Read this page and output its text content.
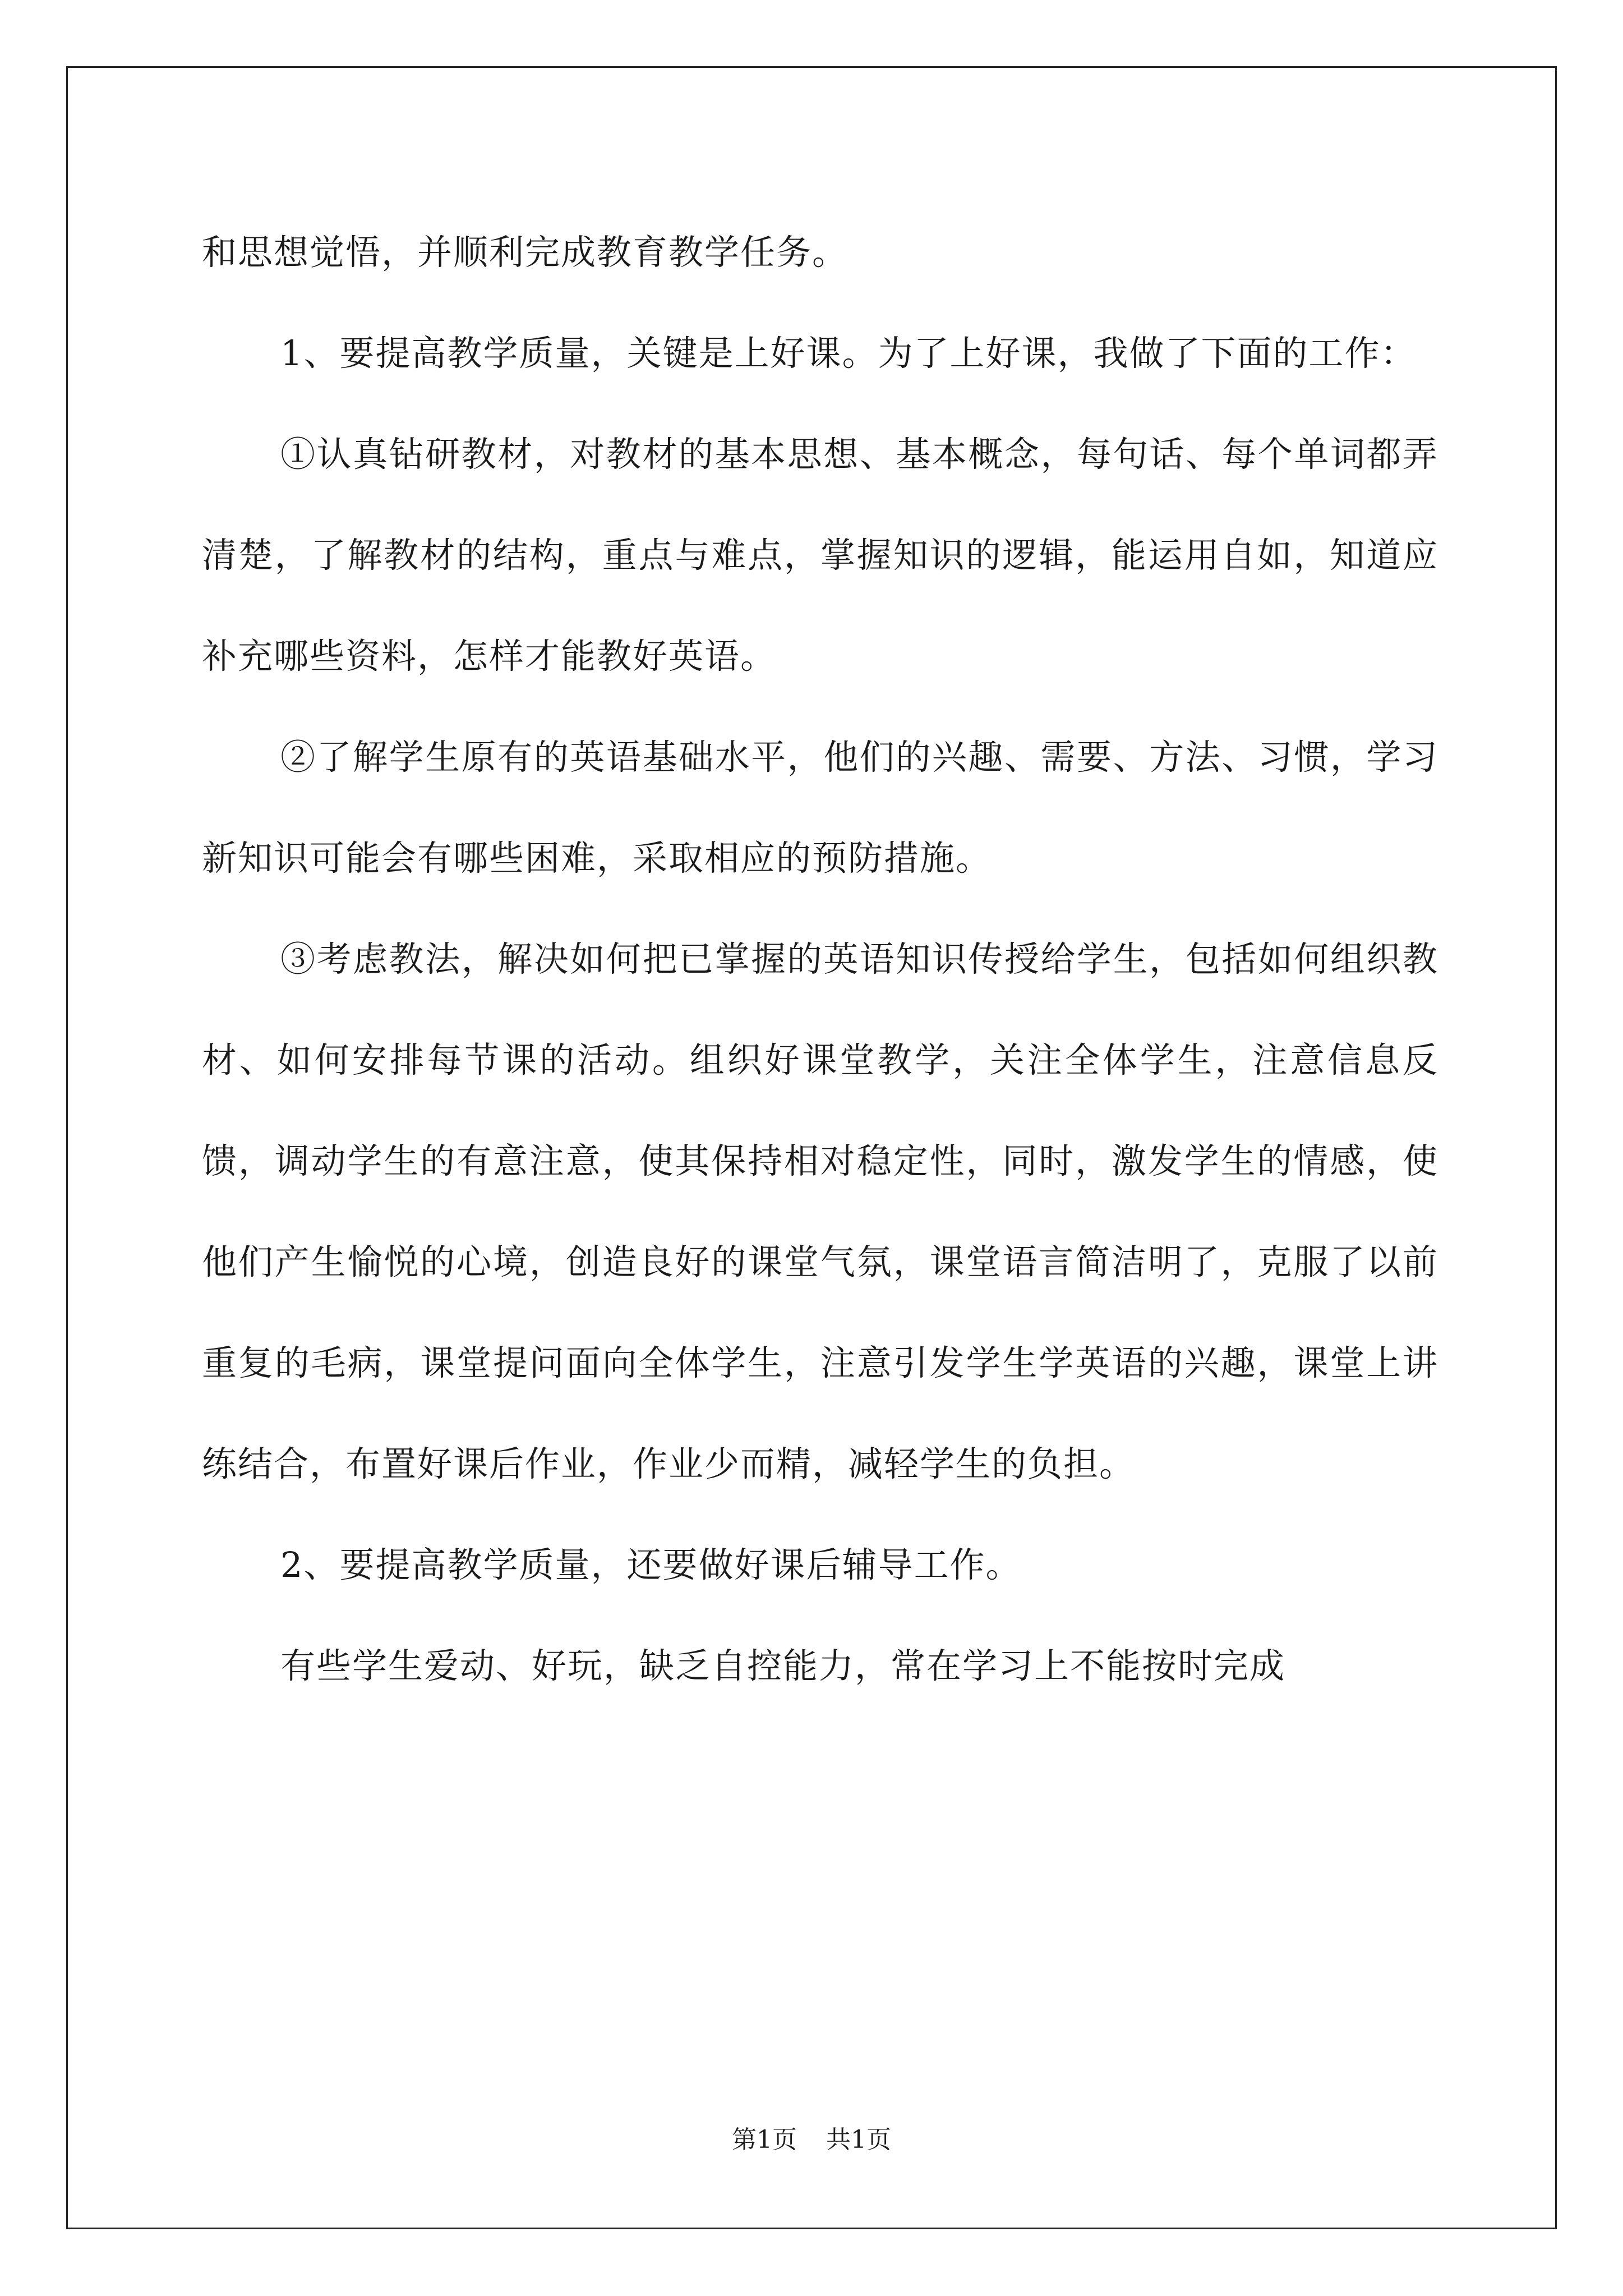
和思想觉悟，并顺利完成教育教学任务。

1、要提高教学质量，关键是上好课。为了上好课，我做了下面的工作：

①认真钻研教材，对教材的基本思想、基本概念，每句话、每个单词都弄清楚，了解教材的结构，重点与难点，掌握知识的逻辑，能运用自如，知道应补充哪些资料，怎样才能教好英语。

②了解学生原有的英语基础水平，他们的兴趣、需要、方法、习惯，学习新知识可能会有哪些困难，采取相应的预防措施。

③考虑教法，解决如何把已掌握的英语知识传授给学生，包括如何组织教材、如何安排每节课的活动。组织好课堂教学，关注全体学生，注意信息反馈，调动学生的有意注意，使其保持相对稳定性，同时，激发学生的情感，使他们产生愉悦的心境，创造良好的课堂气氛，课堂语言简洁明了，克服了以前重复的毛病，课堂提问面向全体学生，注意引发学生学英语的兴趣，课堂上讲练结合，布置好课后作业，作业少而精，减轻学生的负担。

2、要提高教学质量，还要做好课后辅导工作。

有些学生爱动、好玩，缺乏自控能力，常在学习上不能按时完成

第1页 共1页
